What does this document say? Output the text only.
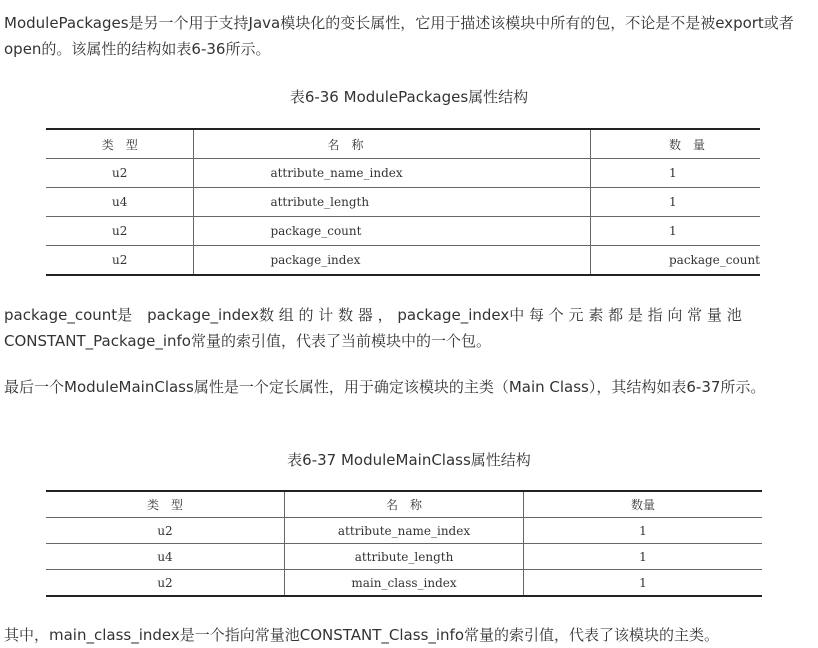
ModulePackages是另一个用于支持Java模块化的变长属性，它用于描述该模块中所有的包，不论是不是被export或者open的。该属性的结构如表6-36所示。

表6-36 ModulePackages属性结构

类　型	名　称	数　量
u2	attribute_name_index	1
u4	attribute_length	1
u2	package_count	1
u2	package_index	package_count

package_count是　package_index数 组 的 计 数 器 ， package_index中 每 个 元 素 都 是 指 向 常 量 池 CONSTANT_Package_info常量的索引值，代表了当前模块中的一个包。

最后一个ModuleMainClass属性是一个定长属性，用于确定该模块的主类（Main Class），其结构如表6-37所示。

表6-37 ModuleMainClass属性结构

类　型	名　称	数量
u2	attribute_name_index	1
u4	attribute_length	1
u2	main_class_index	1

其中，main_class_index是一个指向常量池CONSTANT_Class_info常量的索引值，代表了该模块的主类。
